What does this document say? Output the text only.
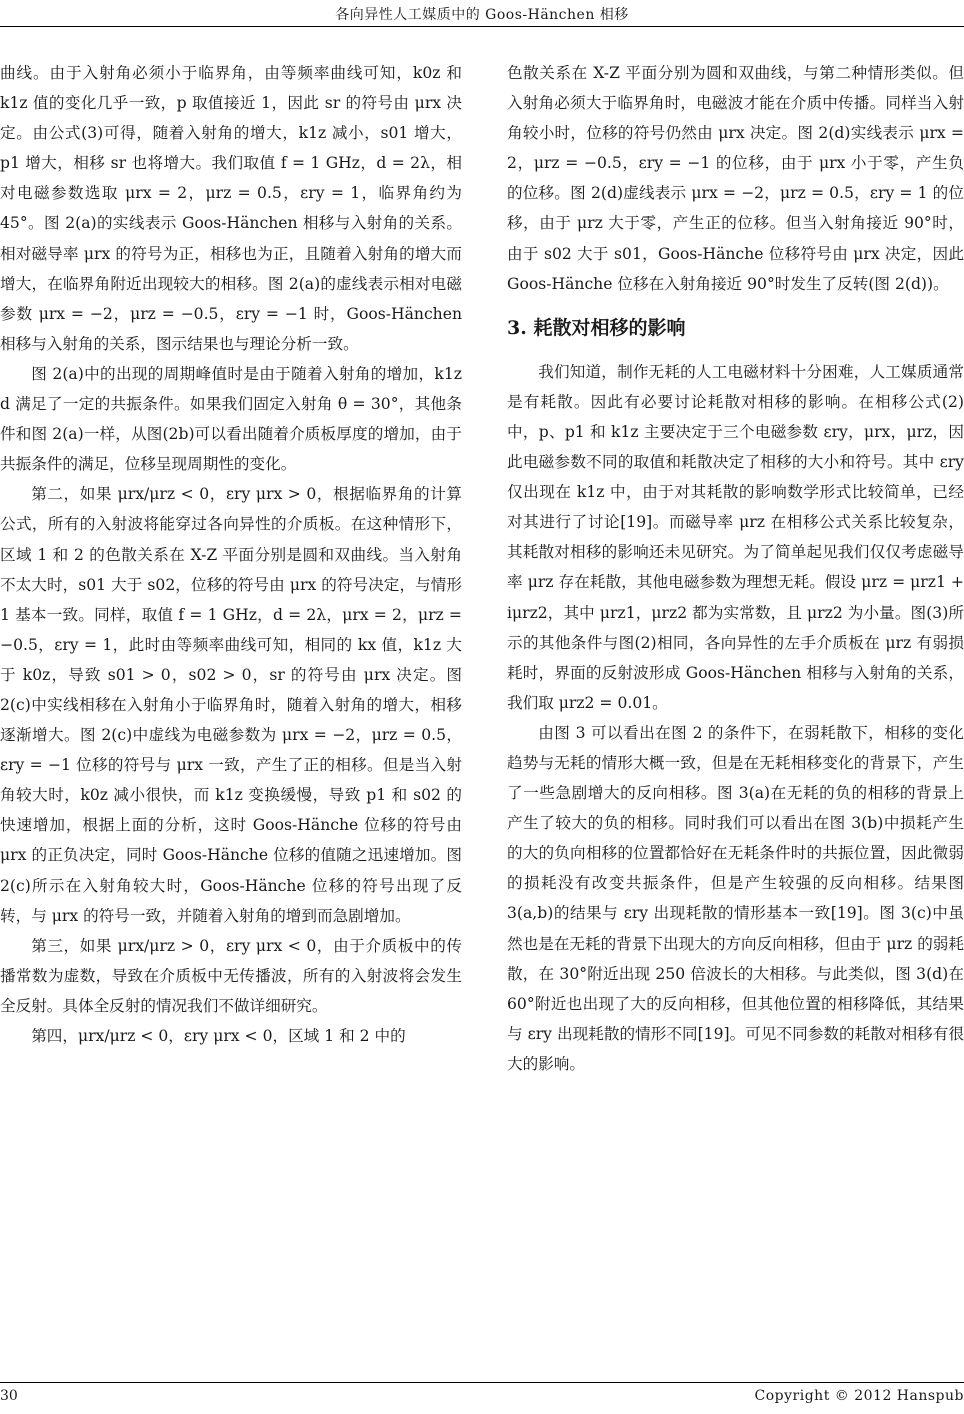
各向异性人工媒质中的 Goos-Hänchen 相移

曲线。由于入射角必须小于临界角，由等频率曲线可知，k0z 和 k1z 值的变化几乎一致，p 取值接近 1，因此 sr 的符号由 μrx 决定。由公式(3)可得，随着入射角的增大，k1z 减小，s01 增大，p1 增大，相移 sr 也将增大。我们取值 f = 1 GHz，d = 2λ，相对电磁参数选取 μrx = 2，μrz = 0.5，εry = 1，临界角约为 45°。图 2(a)的实线表示 Goos-Hänchen 相移与入射角的关系。相对磁导率 μrx 的符号为正，相移也为正，且随着入射角的增大而增大，在临界角附近出现较大的相移。图 2(a)的虚线表示相对电磁参数 μrx = −2，μrz = −0.5，εry = −1 时，Goos-Hänchen 相移与入射角的关系，图示结果也与理论分析一致。

图 2(a)中的出现的周期峰值时是由于随着入射角的增加，k1z d 满足了一定的共振条件。如果我们固定入射角 θ = 30°，其他条件和图 2(a)一样，从图(2b)可以看出随着介质板厚度的增加，由于共振条件的满足，位移呈现周期性的变化。

第二，如果 μrx/μrz < 0，εry μrx > 0，根据临界角的计算公式，所有的入射波将能穿过各向异性的介质板。在这种情形下，区域 1 和 2 的色散关系在 X-Z 平面分别是圆和双曲线。当入射角不太大时，s01 大于 s02，位移的符号由 μrx 的符号决定，与情形 1 基本一致。同样，取值 f = 1 GHz，d = 2λ，μrx = 2，μrz = −0.5，εry = 1，此时由等频率曲线可知，相同的 kx 值，k1z 大于 k0z，导致 s01 > 0，s02 > 0，sr 的符号由 μrx 决定。图 2(c)中实线相移在入射角小于临界角时，随着入射角的增大，相移逐渐增大。图 2(c)中虚线为电磁参数为 μrx = −2，μrz = 0.5，εry = −1 位移的符号与 μrx 一致，产生了正的相移。但是当入射角较大时，k0z 减小很快，而 k1z 变换缓慢，导致 p1 和 s02 的快速增加，根据上面的分析，这时 Goos-Hänche 位移的符号由 μrx 的正负决定，同时 Goos-Hänche 位移的值随之迅速增加。图 2(c)所示在入射角较大时，Goos-Hänche 位移的符号出现了反转，与 μrx 的符号一致，并随着入射角的增到而急剧增加。

第三，如果 μrx/μrz > 0，εry μrx < 0，由于介质板中的传播常数为虚数，导致在介质板中无传播波，所有的入射波将会发生全反射。具体全反射的情况我们不做详细研究。

第四，μrx/μrz < 0，εry μrx < 0，区域 1 和 2 中的

色散关系在 X-Z 平面分别为圆和双曲线，与第二种情形类似。但入射角必须大于临界角时，电磁波才能在介质中传播。同样当入射角较小时，位移的符号仍然由 μrx 决定。图 2(d)实线表示 μrx = 2，μrz = −0.5，εry = −1 的位移，由于 μrx 小于零，产生负的位移。图 2(d)虚线表示 μrx = −2，μrz = 0.5，εry = 1 的位移，由于 μrz 大于零，产生正的位移。但当入射角接近 90°时，由于 s02 大于 s01，Goos-Hänche 位移符号由 μrx 决定，因此 Goos-Hänche 位移在入射角接近 90°时发生了反转(图 2(d))。

3. 耗散对相移的影响

我们知道，制作无耗的人工电磁材料十分困难，人工媒质通常是有耗散。因此有必要讨论耗散对相移的影响。在相移公式(2)中，p、p1 和 k1z 主要决定于三个电磁参数 εry，μrx，μrz，因此电磁参数不同的取值和耗散决定了相移的大小和符号。其中 εry 仅出现在 k1z 中，由于对其耗散的影响数学形式比较简单，已经对其进行了讨论[19]。而磁导率 μrz 在相移公式关系比较复杂，其耗散对相移的影响还未见研究。为了简单起见我们仅仅考虑磁导率 μrz 存在耗散，其他电磁参数为理想无耗。假设 μrz = μrz1 + iμrz2，其中 μrz1，μrz2 都为实常数，且 μrz2 为小量。图(3)所示的其他条件与图(2)相同，各向异性的左手介质板在 μrz 有弱损耗时，界面的反射波形成 Goos-Hänchen 相移与入射角的关系，我们取 μrz2 = 0.01。

由图 3 可以看出在图 2 的条件下，在弱耗散下，相移的变化趋势与无耗的情形大概一致，但是在无耗相移变化的背景下，产生了一些急剧增大的反向相移。图 3(a)在无耗的负的相移的背景上产生了较大的负的相移。同时我们可以看出在图 3(b)中损耗产生的大的负向相移的位置都恰好在无耗条件时的共振位置，因此微弱的损耗没有改变共振条件，但是产生较强的反向相移。结果图 3(a,b)的结果与 εry 出现耗散的情形基本一致[19]。图 3(c)中虽然也是在无耗的背景下出现大的方向反向相移，但由于 μrz 的弱耗散，在 30°附近出现 250 倍波长的大相移。与此类似，图 3(d)在 60°附近也出现了大的反向相移，但其他位置的相移降低，其结果与 εry 出现耗散的情形不同[19]。可见不同参数的耗散对相移有很大的影响。

30	Copyright © 2012 Hanspub
